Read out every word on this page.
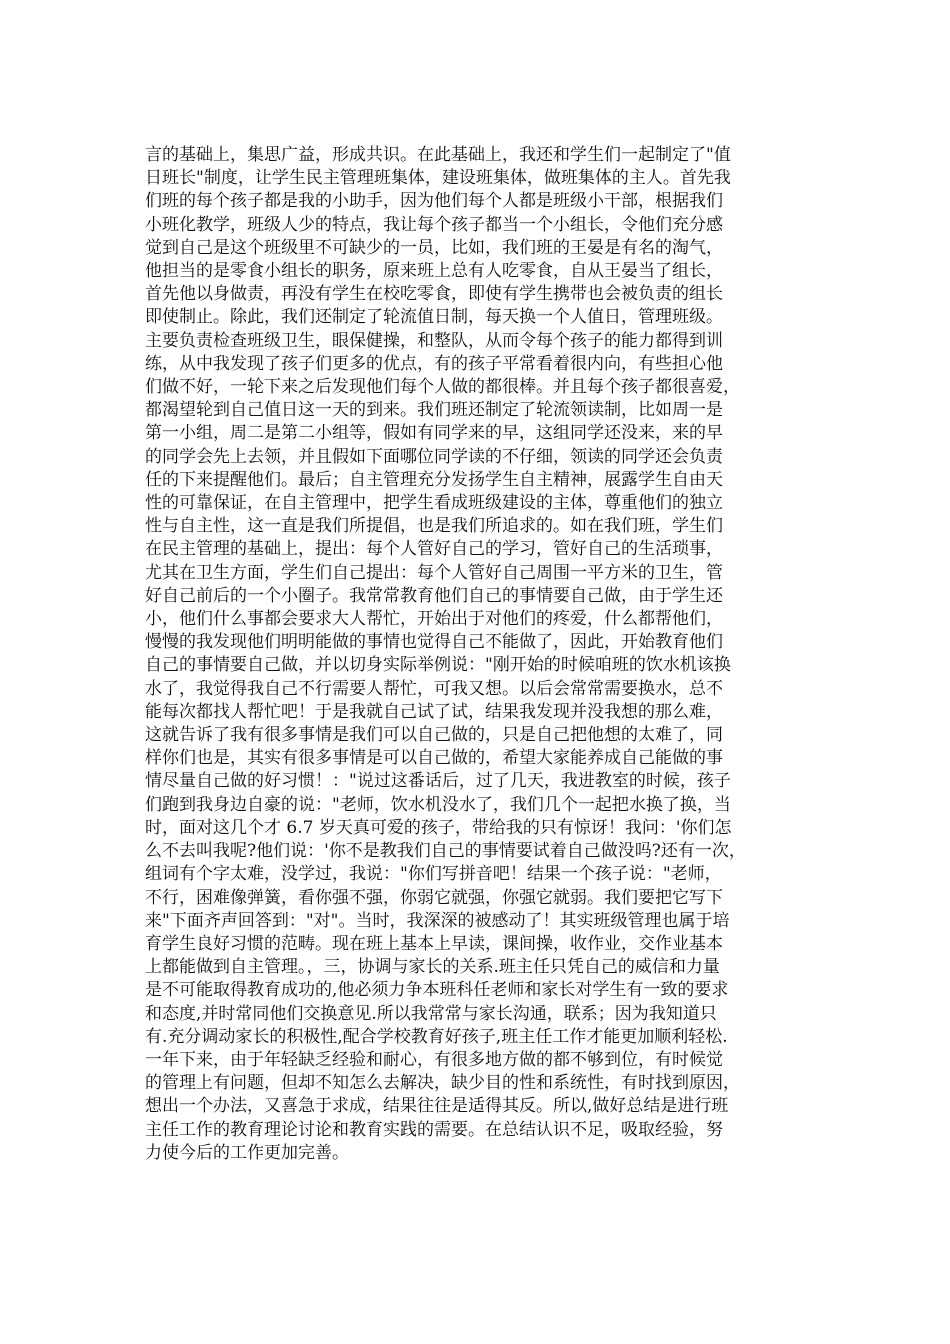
言的基础上，集思广益，形成共识。在此基础上，我还和学生们一起制定了"值
日班长"制度，让学生民主管理班集体，建设班集体，做班集体的主人。首先我
们班的每个孩子都是我的小助手，因为他们每个人都是班级小干部，根据我们
小班化教学，班级人少的特点，我让每个孩子都当一个小组长，令他们充分感
觉到自己是这个班级里不可缺少的一员，比如，我们班的王晏是有名的淘气，
他担当的是零食小组长的职务，原来班上总有人吃零食，自从王晏当了组长，
首先他以身做责，再没有学生在校吃零食，即使有学生携带也会被负责的组长
即使制止。除此，我们还制定了轮流值日制，每天换一个人值日，管理班级。
主要负责检查班级卫生，眼保健操，和整队，从而令每个孩子的能力都得到训
练，从中我发现了孩子们更多的优点，有的孩子平常看着很内向，有些担心他
们做不好，一轮下来之后发现他们每个人做的都很棒。并且每个孩子都很喜爱，
都渴望轮到自己值日这一天的到来。我们班还制定了轮流领读制，比如周一是
第一小组，周二是第二小组等，假如有同学来的早，这组同学还没来，来的早
的同学会先上去领，并且假如下面哪位同学读的不仔细，领读的同学还会负责
任的下来提醒他们。最后；自主管理充分发扬学生自主精神，展露学生自由天
性的可靠保证，在自主管理中，把学生看成班级建设的主体，尊重他们的独立
性与自主性，这一直是我们所提倡，也是我们所追求的。如在我们班，学生们
在民主管理的基础上，提出：每个人管好自己的学习，管好自己的生活琐事，
尤其在卫生方面，学生们自己提出：每个人管好自己周围一平方米的卫生，管
好自己前后的一个小圈子。我常常教育他们自己的事情要自己做，由于学生还
小，他们什么事都会要求大人帮忙，开始出于对他们的疼爱，什么都帮他们，
慢慢的我发现他们明明能做的事情也觉得自己不能做了，因此，开始教育他们
自己的事情要自己做，并以切身实际举例说："刚开始的时候咱班的饮水机该换
水了，我觉得我自己不行需要人帮忙，可我又想。以后会常常需要换水，总不
能每次都找人帮忙吧！于是我就自己试了试，结果我发现并没我想的那么难，
这就告诉了我有很多事情是我们可以自己做的，只是自己把他想的太难了，同
样你们也是，其实有很多事情是可以自己做的，希望大家能养成自己能做的事
情尽量自己做的好习惯！："说过这番话后，过了几天，我进教室的时候，孩子
们跑到我身边自豪的说："老师，饮水机没水了，我们几个一起把水换了换，当
时，面对这几个才 6.7 岁天真可爱的孩子，带给我的只有惊讶！我问：'你们怎
么不去叫我呢?他们说：'你不是教我们自己的事情要试着自己做没吗?还有一次，
组词有个字太难，没学过，我说："你们写拼音吧！结果一个孩子说："老师，
不行，困难像弹簧，看你强不强，你弱它就强，你强它就弱。我们要把它写下
来"下面齐声回答到："对"。当时，我深深的被感动了！其实班级管理也属于培
育学生良好习惯的范畴。现在班上基本上早读，课间操，收作业，交作业基本
上都能做到自主管理。，三，协调与家长的关系.班主任只凭自己的威信和力量
是不可能取得教育成功的,他必须力争本班科任老师和家长对学生有一致的要求
和态度,并时常同他们交换意见.所以我常常与家长沟通，联系；因为我知道只
有.充分调动家长的积极性,配合学校教育好孩子,班主任工作才能更加顺利轻松.
一年下来，由于年轻缺乏经验和耐心，有很多地方做的都不够到位，有时候觉
的管理上有问题，但却不知怎么去解决，缺少目的性和系统性，有时找到原因，
想出一个办法，又喜急于求成，结果往往是适得其反。所以,做好总结是进行班
主任工作的教育理论讨论和教育实践的需要。在总结认识不足，吸取经验，努
力使今后的工作更加完善。
